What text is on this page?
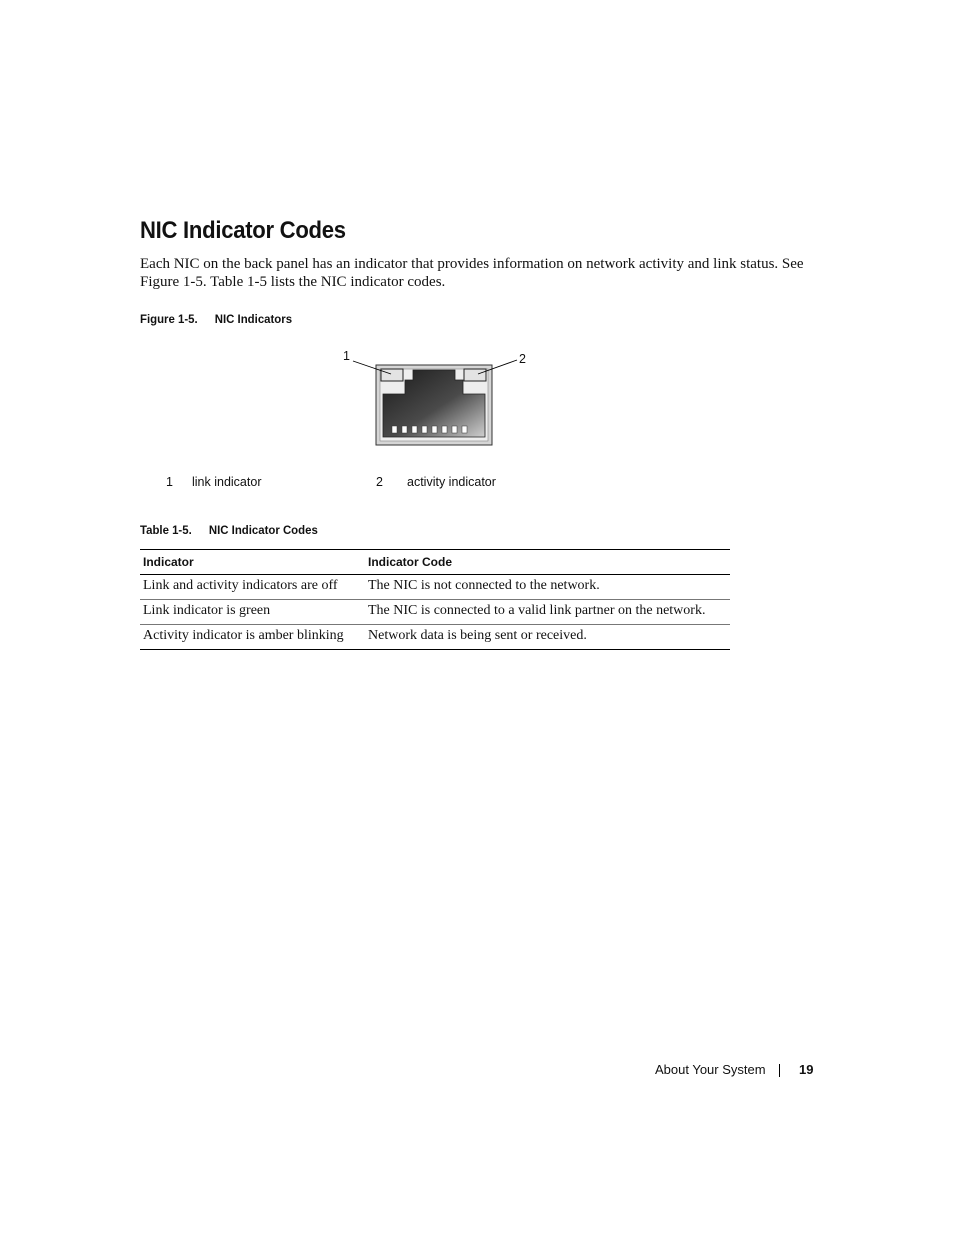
NIC Indicator Codes

Each NIC on the back panel has an indicator that provides information on network activity and link status. See Figure 1-5. Table 1-5 lists the NIC indicator codes.

Figure 1-5. NIC Indicators
1	2
1 link indicator	2 activity indicator
Table 1-5. NIC Indicator Codes
Indicator	Indicator Code
Link and activity indicators are off	The NIC is not connected to the network.
Link indicator is green	The NIC is connected to a valid link partner on the network.
Activity indicator is amber blinking	Network data is being sent or received.
About Your System	19
